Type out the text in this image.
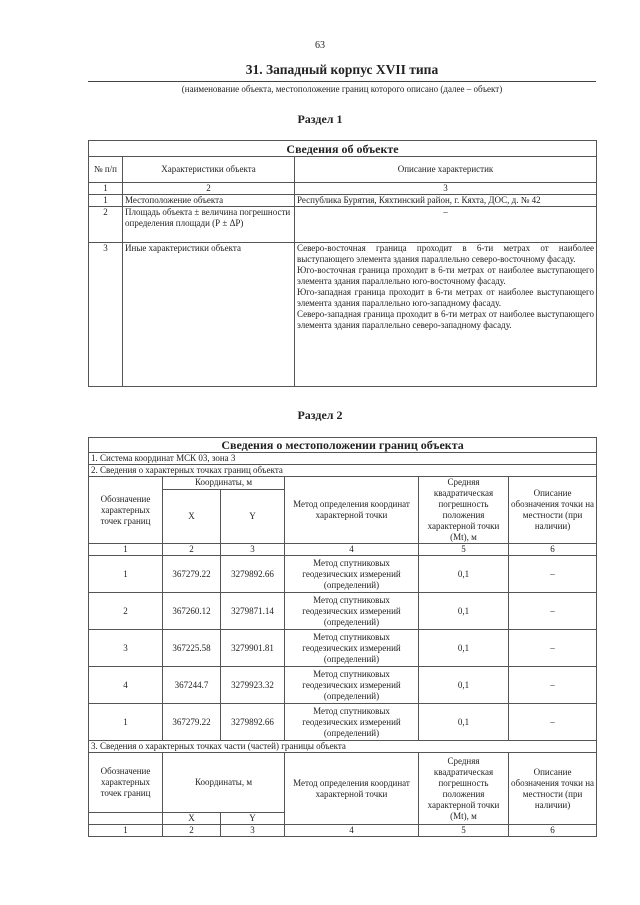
63
31. Западный корпус XVII типа
(наименование объекта, местоположение границ которого описано (далее – объект)
Раздел 1
Сведения об объекте		
№ п/п	Характеристики объекта	Описание характеристик
1	2	3
1	Местоположение объекта	Республика Бурятия, Кяхтинский район, г. Кяхта, ДОС, д. № 42
2	Площадь объекта ± величина погрешности определения площади (Р ± ΔР)	–
3	Иные характеристики объекта	Северо-восточная граница проходит в 6-ти метрах от наиболее выступающего элемента здания параллельно северо-восточному фасаду.

Юго-восточная граница проходит в 6-ти метрах от наиболее выступающего элемента здания параллельно юго-восточному фасаду.

Юго-западная граница проходит в 6-ти метрах от наиболее выступающего элемента здания параллельно юго-западному фасаду.

Северо-западная граница проходит в 6-ти метрах от наиболее выступающего элемента здания параллельно северо-западному фасаду.

Раздел 2
Сведения о местоположении границ объекта					
1. Система координат МСК 03, зона 3					
2. Сведения о характерных точках границ объекта					
Обозначение характерных точек границ	Координаты, м		Метод определения координат характерной точки	Средняя квадратическая погрешность положения характерной точки (Mt), м	Описание обозначения точки на местности (при наличии)
	X	Y			
1	2	3	4	5	6
1	367279.22	3279892.66	Метод спутниковых геодезических измерений (определений)	0,1	–
2	367260.12	3279871.14	Метод спутниковых геодезических измерений (определений)	0,1	–
3	367225.58	3279901.81	Метод спутниковых геодезических измерений (определений)	0,1	–
4	367244.7	3279923.32	Метод спутниковых геодезических измерений (определений)	0,1	–
1	367279.22	3279892.66	Метод спутниковых геодезических измерений (определений)	0,1	–
3. Сведения о характерных точках части (частей) границы объекта					
Обозначение характерных точек границ	Координаты, м		Метод определения координат характерной точки	Средняя квадратическая погрешность положения характерной точки (Mt), м	Описание обозначения точки на местности (при наличии)
	X	Y			
1	2	3	4	5	6
